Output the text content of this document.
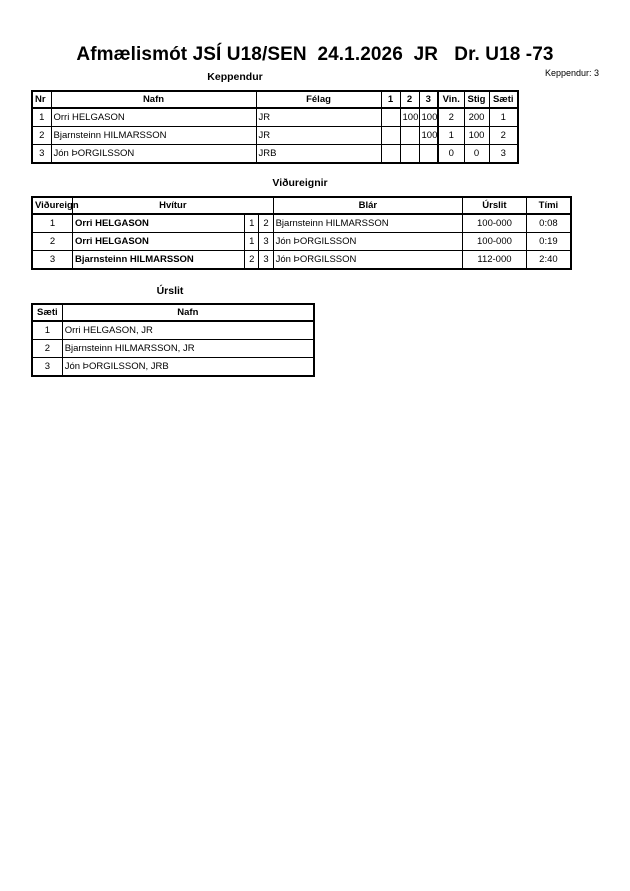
Afmælismót JSÍ U18/SEN  24.1.2026  JR   Dr. U18 -73
Keppendur: 3
Keppendur
Nr	Nafn	Félag	1	2	3	Vin.	Stig	Sæti
1	Orri HELGASON	JR		100	100	2	200	1
2	Bjarnsteinn HILMARSSON	JR			100	1	100	2
3	Jón ÞORGILSSON	JRB				0	0	3
Viðureignir
Viðureign	Hvítur			Blár	Úrslit	Tími
1	Orri HELGASON	1	2	Bjarnsteinn HILMARSSON	100-000	0:08
2	Orri HELGASON	1	3	Jón ÞORGILSSON	100-000	0:19
3	Bjarnsteinn HILMARSSON	2	3	Jón ÞORGILSSON	112-000	2:40
Úrslit
Sæti	Nafn
1	Orri HELGASON, JR
2	Bjarnsteinn HILMARSSON, JR
3	Jón ÞORGILSSON, JRB
